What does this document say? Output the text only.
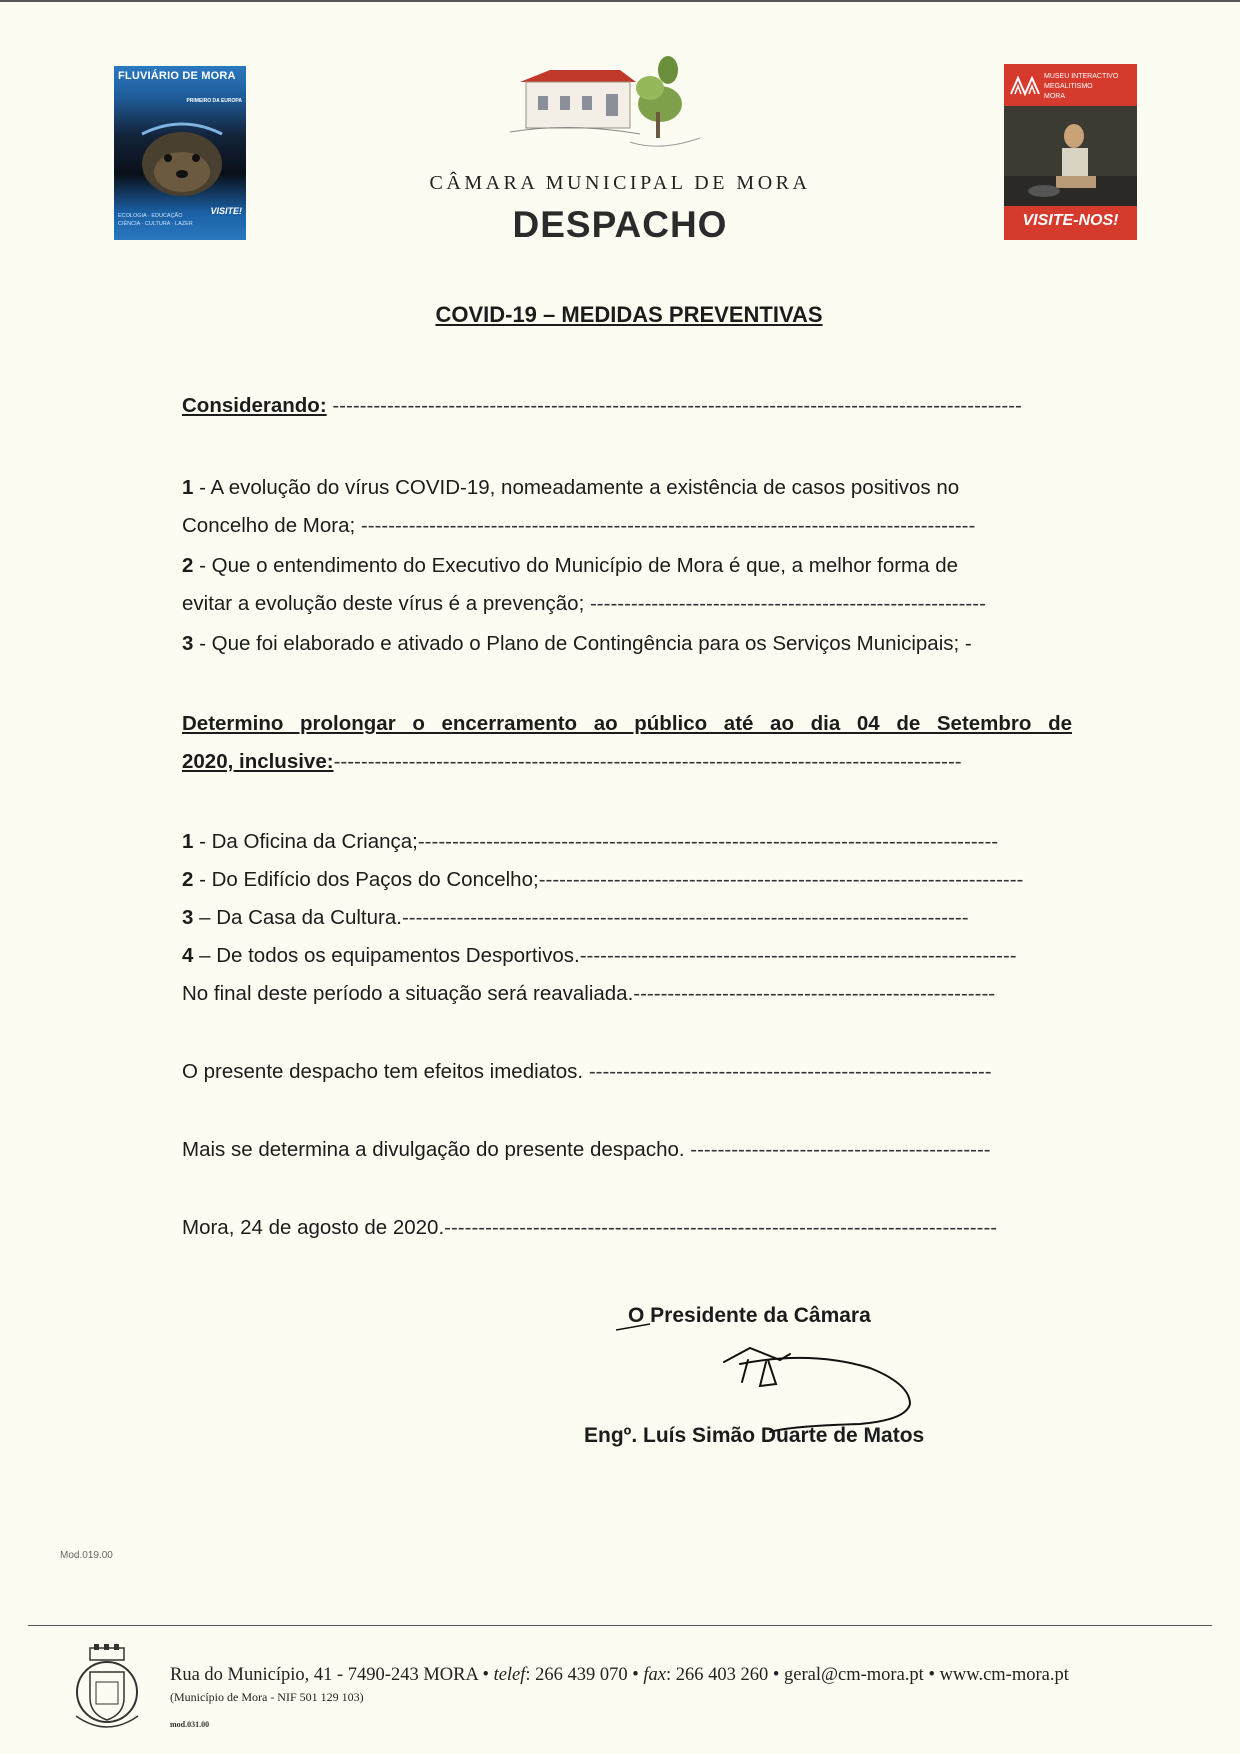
FLUVIÁRIO DE MORA
PRIMEIRO DA EUROPA
VISITE!
ECOLOGIA · EDUCAÇÃO
CIÊNCIA · CULTURA · LAZER
MUSEU INTERACTIVO
MEGALITISMO
MORA
VISITE-NOS!
CÂMARA MUNICIPAL DE MORA
DESPACHO
COVID-19 – MEDIDAS PREVENTIVAS
Considerando: -----------------------------------------------------------------------------------------------------
1 - A evolução do vírus COVID-19, nomeadamente a existência de casos positivos no
Concelho de Mora; ------------------------------------------------------------------------------------------
2 - Que o entendimento do Executivo do Município de Mora é que, a melhor forma de
evitar a evolução deste vírus é a prevenção; ----------------------------------------------------------
3 - Que foi elaborado e ativado o Plano de Contingência para os Serviços Municipais; -
Determino prolongar o encerramento ao público até ao dia 04 de Setembro de
2020, inclusive:--------------------------------------------------------------------------------------------
1 - Da Oficina da Criança;-------------------------------------------------------------------------------------
2 - Do Edifício dos Paços do Concelho;-----------------------------------------------------------------------
3 – Da Casa da Cultura.-----------------------------------------------------------------------------------
4 – De todos os equipamentos Desportivos.----------------------------------------------------------------
No final deste período a situação será reavaliada.-----------------------------------------------------
O presente despacho tem efeitos imediatos. -----------------------------------------------------------
Mais se determina a divulgação do presente despacho. --------------------------------------------
Mora, 24 de agosto de 2020.---------------------------------------------------------------------------------
O Presidente da Câmara
Engº. Luís Simão Duarte de Matos
Mod.019.00
Rua do Município, 41 - 7490-243 MORA • telef: 266 439 070 • fax: 266 403 260 • geral@cm-mora.pt • www.cm-mora.pt
(Município de Mora - NIF 501 129 103)
mod.031.00
